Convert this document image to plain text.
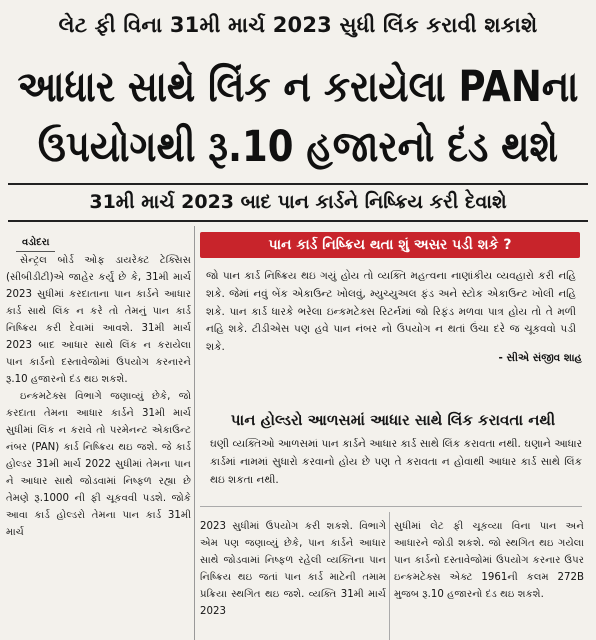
લેટ ફી વિના 31મી માર્ચ 2023 સુધી લિંક કરાવી શકાશે
આધાર સાથે લિંક ન કરાયેલા PANના
ઉપયોગથી રૂ.10 હજારનો દંડ થશે
31મી માર્ચ 2023 બાદ પાન કાર્ડને નિષ્ક્રિય કરી દેવાશે
વડોદરા

સેન્ટ્રલ બોર્ડ ઓફ ડાયરેક્ટ ટેક્સિસ (સીબીડીટી)એ જાહેર કર્યું છે કે, 31મી માર્ચ 2023 સુધીમાં કરદાતાના પાન કાર્ડને આધાર કાર્ડ સાથે લિંક ન કરે તો તેમનું પાન કાર્ડ નિષ્ક્રિય કરી દેવામાં આવશે. 31મી માર્ચ 2023 બાદ આધાર સાથે લિંક ન કરાયેલા પાન કાર્ડનો દસ્તાવેજોમાં ઉપયોગ કરનારને રૂ.10 હજારનો દંડ થઇ શકશે.

ઇન્કમટેક્સ વિભાગે જણાવ્યું છેકે, જો કરદાતા તેમના આધાર કાર્ડને 31મી માર્ચ સુધીમાં લિંક ન કરાવે તો પરમેનન્ટ એકાઉન્ટ નંબર (PAN) કાર્ડ નિષ્ક્રિય થઇ જશે. જે કાર્ડ હોલ્ડર 31મી માર્ચ 2022 સુધીમાં તેમના પાન ને આધાર સાથે જોડવામાં નિષ્ફળ રહ્યા છે તેમણે રૂ.1000 ની ફી ચૂકવવી પડશે. જોકે આવા કાર્ડ હોલ્ડરો તેમના પાન કાર્ડ 31મી માર્ચ

પાન કાર્ડ નિષ્ક્રિય થતા શું અસર પડી શકે ?
જો પાન કાર્ડ નિષ્ક્રિય થઇ ગયું હોય તો વ્યક્તિ મહત્વના નાણાંકીય વ્યવહારો કરી નહિ શકે. જેમાં નવું બેંક એકાઉન્ટ ખોલવું, મ્યુચ્યુઅલ ફંડ અને સ્ટોક એકાઉન્ટ ખોલી નહિ શકે. પાન કાર્ડ ધારકે ભરેલા ઇન્કમટેક્સ રિટર્નમાં જો રિફંડ મળવા પાત્ર હોય તો તે મળી નહિ શકે. ટીડીએસ પણ હવે પાન નંબર નો ઉપયોગ ન થતાં ઉંચા દરે જ ચૂકવવો પડી શકે.
- સીએ સંજીવ શાહ
પાન હોલ્ડરો આળસમાં આધાર સાથે લિંક કરાવતા નથી
ઘણી વ્યક્તિઓ આળસમાં પાન કાર્ડને આધાર કાર્ડ સાથે લિંક કરાવતા નથી. ઘણાને આધાર કાર્ડમાં નામમાં સુધારો કરવાનો હોય છે પણ તે કરાવતા ન હોવાથી આધાર કાર્ડ સાથે લિંક થઇ શકતા નથી.
2023 સુધીમાં ઉપયોગ કરી શકશે. વિભાગે એમ પણ જણાવ્યું છેકે, પાન કાર્ડને આધાર સાથે જોડવામાં નિષ્ફળ રહેલી વ્યક્તિના પાન નિષ્ક્રિય થઇ જતાં પાન કાર્ડ માટેની તમામ પ્રક્રિયા સ્થગિત થઇ જશે. વ્યક્તિ 31મી માર્ચ 2023
સુધીમાં લેટ ફી ચૂકવ્યા વિના પાન અને આધારને જોડી શકશે. જો સ્થગિત થઇ ગયેલા પાન કાર્ડનો દસ્તાવેજોમાં ઉપયોગ કરનાર ઉપર ઇન્કમટેક્સ એક્ટ 1961ની કલમ 272B મુજબ રૂ.10 હજારનો દંડ થઇ શકશે.
